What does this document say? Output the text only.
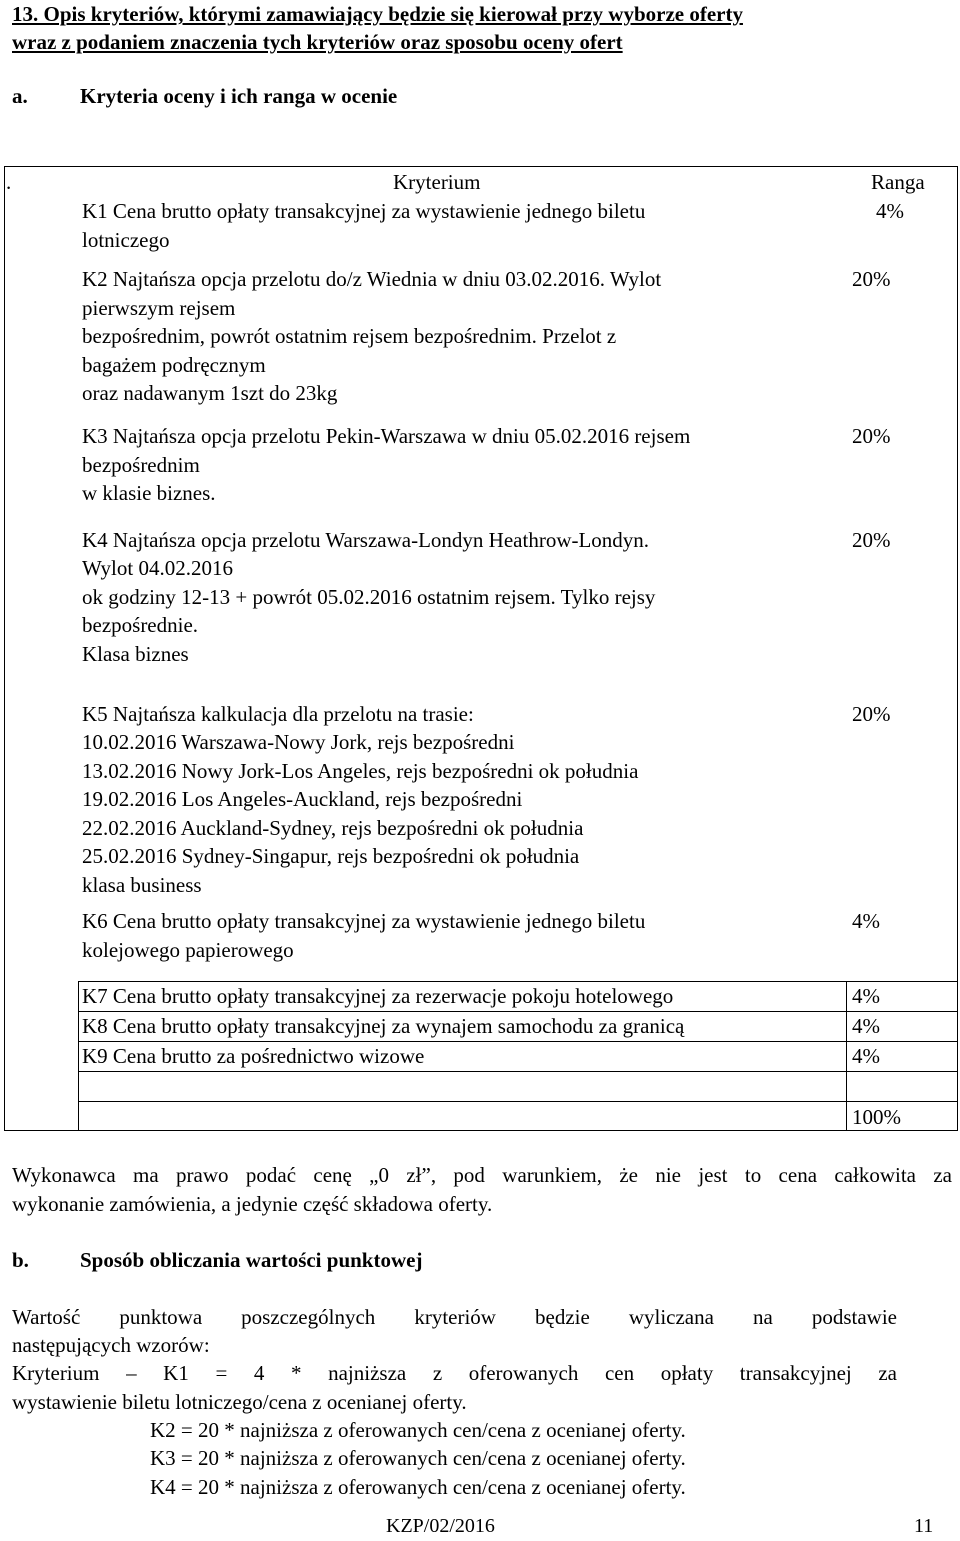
13. Opis kryteriów, którymi zamawiający będzie się kierował przy wyborze oferty
wraz z podaniem znaczenia tych kryteriów oraz sposobu oceny ofert
a. Kryteria oceny i ich ranga w ocenie
.	Kryterium	Ranga
K1 Cena brutto opłaty transakcyjnej za wystawienie jednego biletu
lotniczego
4%
K2 Najtańsza opcja przelotu do/z Wiednia w dniu 03.02.2016. Wylot
pierwszym rejsem
bezpośrednim, powrót ostatnim rejsem bezpośrednim. Przelot z
bagażem podręcznym
oraz nadawanym 1szt do 23kg
20%
K3 Najtańsza opcja przelotu Pekin-Warszawa w dniu 05.02.2016 rejsem
bezpośrednim
w klasie biznes.
20%
K4 Najtańsza opcja przelotu Warszawa-Londyn Heathrow-Londyn.
Wylot 04.02.2016
ok godziny 12-13 + powrót 05.02.2016 ostatnim rejsem. Tylko rejsy
bezpośrednie.
Klasa biznes
20%
K5 Najtańsza kalkulacja dla przelotu na trasie:
10.02.2016 Warszawa-Nowy Jork, rejs bezpośredni
13.02.2016 Nowy Jork-Los Angeles, rejs bezpośredni ok południa
19.02.2016 Los Angeles-Auckland, rejs bezpośredni
22.02.2016 Auckland-Sydney, rejs bezpośredni ok południa
25.02.2016 Sydney-Singapur, rejs bezpośredni ok południa
klasa business
20%
K6 Cena brutto opłaty transakcyjnej za wystawienie jednego biletu
kolejowego papierowego
4%
K7 Cena brutto opłaty transakcyjnej za rezerwacje pokoju hotelowego	4%
K8 Cena brutto opłaty transakcyjnej za wynajem samochodu za granicą	4%
K9 Cena brutto za pośrednictwo wizowe	4%
100%
Wykonawca ma prawo podać cenę „0 zł”, pod warunkiem, że nie jest to cena całkowita za
wykonanie zamówienia, a jedynie część składowa oferty.
b. Sposób obliczania wartości punktowej
Wartość punktowa poszczególnych kryteriów będzie wyliczana na podstawie
następujących wzorów:
Kryterium – K1 = 4 * najniższa z oferowanych cen opłaty transakcyjnej za
wystawienie biletu lotniczego/cena z ocenianej oferty.
K2 = 20 * najniższa z oferowanych cen/cena z ocenianej oferty.
K3 = 20 * najniższa z oferowanych cen/cena z ocenianej oferty.
K4 = 20 * najniższa z oferowanych cen/cena z ocenianej oferty.
KZP/02/2016	11
